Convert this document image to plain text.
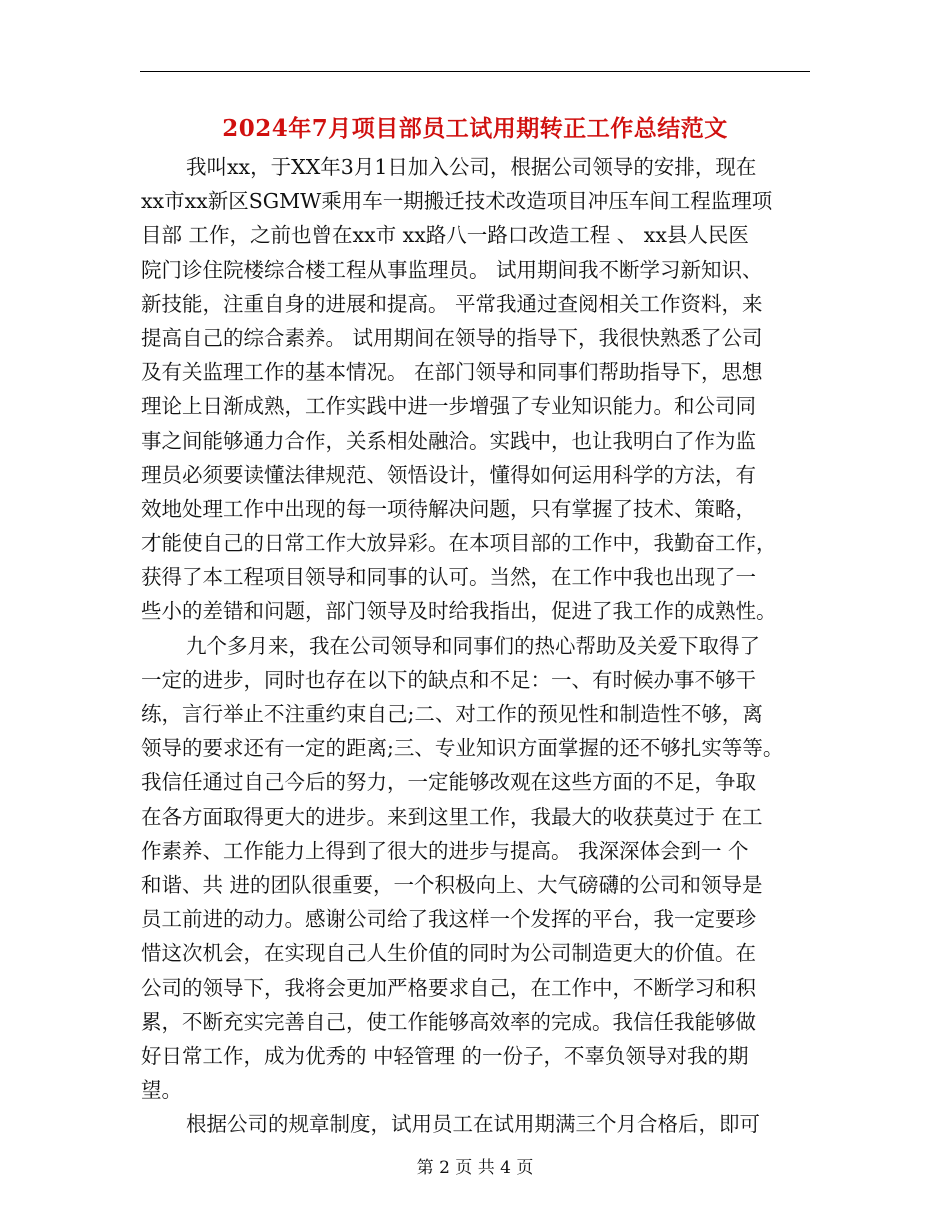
2024年7月项目部员工试用期转正工作总结范文
我叫xx，于XX年3月1日加入公司，根据公司领导的安排，现在
xx市xx新区SGMW乘用车一期搬迁技术改造项目冲压车间工程监理项
目部 工作，之前也曾在xx市 xx路八一路口改造工程 、 xx县人民医
院门诊住院楼综合楼工程从事监理员。 试用期间我不断学习新知识、
新技能，注重自身的进展和提高。 平常我通过查阅相关工作资料，来
提高自己的综合素养。 试用期间在领导的指导下，我很快熟悉了公司
及有关监理工作的基本情况。 在部门领导和同事们帮助指导下，思想
理论上日渐成熟，工作实践中进一步增强了专业知识能力。和公司同
事之间能够通力合作，关系相处融洽。实践中，也让我明白了作为监
理员必须要读懂法律规范、领悟设计，懂得如何运用科学的方法，有
效地处理工作中出现的每一项待解决问题，只有掌握了技术、策略，
才能使自己的日常工作大放异彩。在本项目部的工作中，我勤奋工作，
获得了本工程项目领导和同事的认可。当然，在工作中我也出现了一
些小的差错和问题，部门领导及时给我指出，促进了我工作的成熟性。
九个多月来，我在公司领导和同事们的热心帮助及关爱下取得了
一定的进步，同时也存在以下的缺点和不足：一、有时候办事不够干
练，言行举止不注重约束自己;二、对工作的预见性和制造性不够，离
领导的要求还有一定的距离;三、专业知识方面掌握的还不够扎实等等。
我信任通过自己今后的努力，一定能够改观在这些方面的不足，争取
在各方面取得更大的进步。来到这里工作，我最大的收获莫过于 在工
作素养、工作能力上得到了很大的进步与提高。 我深深体会到一 个
和谐、共 进的团队很重要，一个积极向上、大气磅礴的公司和领导是
员工前进的动力。感谢公司给了我这样一个发挥的平台，我一定要珍
惜这次机会，在实现自己人生价值的同时为公司制造更大的价值。在
公司的领导下，我将会更加严格要求自己，在工作中，不断学习和积
累，不断充实完善自己，使工作能够高效率的完成。我信任我能够做
好日常工作，成为优秀的 中轻管理 的一份子，不辜负领导对我的期
望。
根据公司的规章制度，试用员工在试用期满三个月合格后，即可
第 2 页 共 4 页
